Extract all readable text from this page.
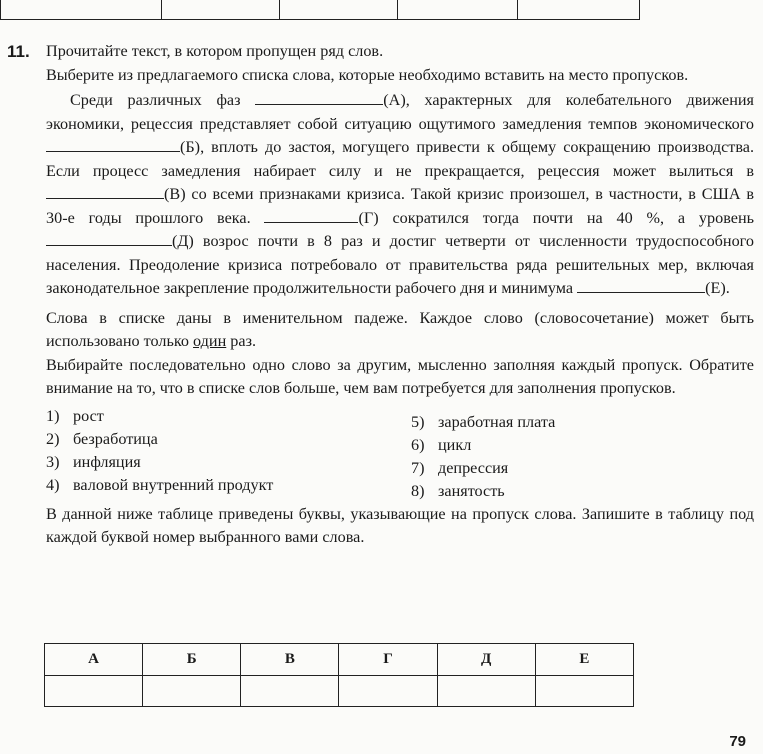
11. Прочитайте текст, в котором пропущен ряд слов.

Выберите из предлагаемого списка слова, которые необходимо вставить на место пропусков.

Среди различных фаз	(А), характерных для колебательного движения экономики, рецессия представляет собой ситуацию ощутимого замедления темпов экономического (Б), вплоть до застоя, могущего привести к общему сокращению производства. Если процесс замедления набирает силу и не прекращается, рецессия может вылиться в (В) со всеми признаками кризиса. Такой кризис произошел, в частности, в США в 30-е годы прошлого века.	(Г) сократился тогда почти на 40 %, а уровень (Д) возрос почти в 8 раз и достиг четверти от численности трудоспособного населения. Преодоление кризиса потребовало от правительства ряда решительных мер, включая законодательное закрепление продолжительности рабочего дня и минимума	(Е).

Слова в списке даны в именительном падеже. Каждое слово (словосочетание) может быть использовано только один раз.

Выбирайте последовательно одно слово за другим, мысленно заполняя каждый пропуск. Обратите внимание на то, что в списке слов больше, чем вам потребуется для заполнения пропусков.

1) рост
2) безработица
3) инфляция
4) валовой внутренний продукт
5) заработная плата
6) цикл
7) депрессия
8) занятость

В данной ниже таблице приведены буквы, указывающие на пропуск слова. Запишите в таблицу под каждой буквой номер выбранного вами слова.

А	Б	В	Г	Д	Е

79
